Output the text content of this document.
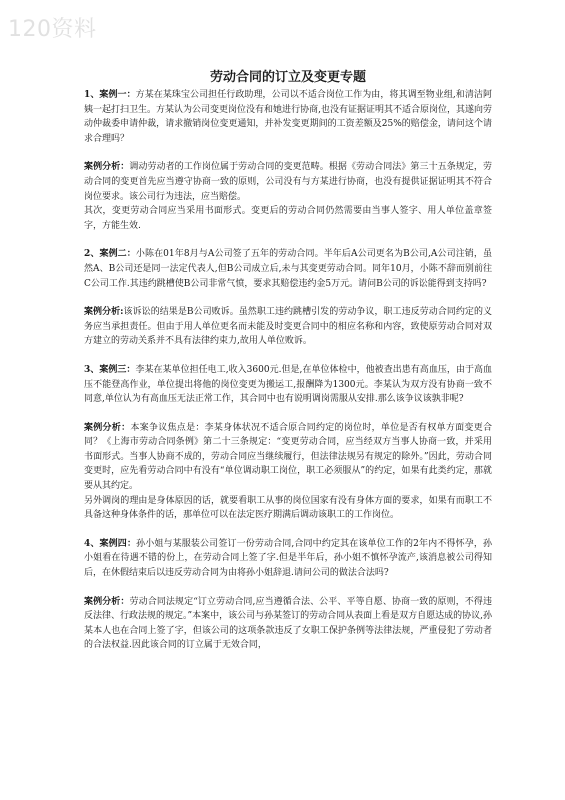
120资料
劳动合同的订立及变更专题

1、案例一：方某在某珠宝公司担任行政助理，公司以不适合岗位工作为由，将其调至物业组,和清洁阿姨一起打扫卫生。方某认为公司变更岗位没有和她进行协商,也没有证据证明其不适合原岗位，其遂向劳动仲裁委申请仲裁，请求撤销岗位变更通知，并补发变更期间的工资差额及25%的赔偿金，请问这个请求合理吗？

案例分析：调动劳动者的工作岗位属于劳动合同的变更范畴。根据《劳动合同法》第三十五条规定，劳动合同的变更首先应当遵守协商一致的原则，公司没有与方某进行协商，也没有提供证据证明其不符合岗位要求。该公司行为违法，应当赔偿。

其次，变更劳动合同应当采用书面形式。变更后的劳动合同仍然需要由当事人签字、用人单位盖章签字，方能生效.

2、案例二：小陈在01年8月与A公司签了五年的劳动合同。半年后A公司更名为B公司,A公司注销，虽然A、B公司还是同一法定代表人,但B公司成立后,未与其变更劳动合同。同年10月，小陈不辞而别前往C公司工作.其违约跳槽使B公司非常气愤，要求其赔偿违约金5万元。请问B公司的诉讼能得到支持吗?

案例分析:该诉讼的结果是B公司败诉。虽然职工违约跳槽引发的劳动争议，职工违反劳动合同约定的义务应当承担责任。但由于用人单位更名而未能及时变更合同中的相应名称和内容，致使原劳动合同对双方建立的劳动关系并不具有法律约束力,故用人单位败诉。

3、案例三：李某在某单位担任电工,收入3600元.但是,在单位体检中，他被查出患有高血压，由于高血压不能登高作业，单位提出将他的岗位变更为搬运工,报酬降为1300元。李某认为双方没有协商一致不同意,单位认为有高血压无法正常工作，其合同中也有说明调岗需服从安排.那么该争议该孰非呢?

案例分析：本案争议焦点是：李某身体状况不适合原合同约定的岗位时，单位是否有权单方面变更合同？《上海市劳动合同条例》第二十三条规定：“变更劳动合同，应当经双方当事人协商一致，并采用书面形式。当事人协商不成的，劳动合同应当继续履行，但法律法规另有规定的除外。”因此，劳动合同变更时，应先看劳动合同中有没有“单位调动职工岗位，职工必须服从”的约定，如果有此类约定，那就要从其约定。

另外调岗的理由是身体原因的话，就要看职工从事的岗位国家有没有身体方面的要求，如果有而职工不具备这种身体条件的话，那单位可以在法定医疗期满后调动该职工的工作岗位。

4、案例四：孙小姐与某服装公司签订一份劳动合同,合同中约定其在该单位工作的2年内不得怀孕，孙小姐看在待遇不错的份上，在劳动合同上签了字.但是半年后，孙小姐不慎怀孕流产,该消息被公司得知后，在休假结束后以违反劳动合同为由将孙小姐辞退.请问公司的做法合法吗?

案例分析：劳动合同法规定“订立劳动合同,应当遵循合法、公平、平等自愿、协商一致的原则，不得违反法律、行政法规的规定。”本案中，该公司与孙某签订的劳动合同从表面上看是双方自愿达成的协议,孙某本人也在合同上签了字，但该公司的这项条款违反了女职工保护条例等法律法规，严重侵犯了劳动者的合法权益.因此该合同的订立属于无效合同，
